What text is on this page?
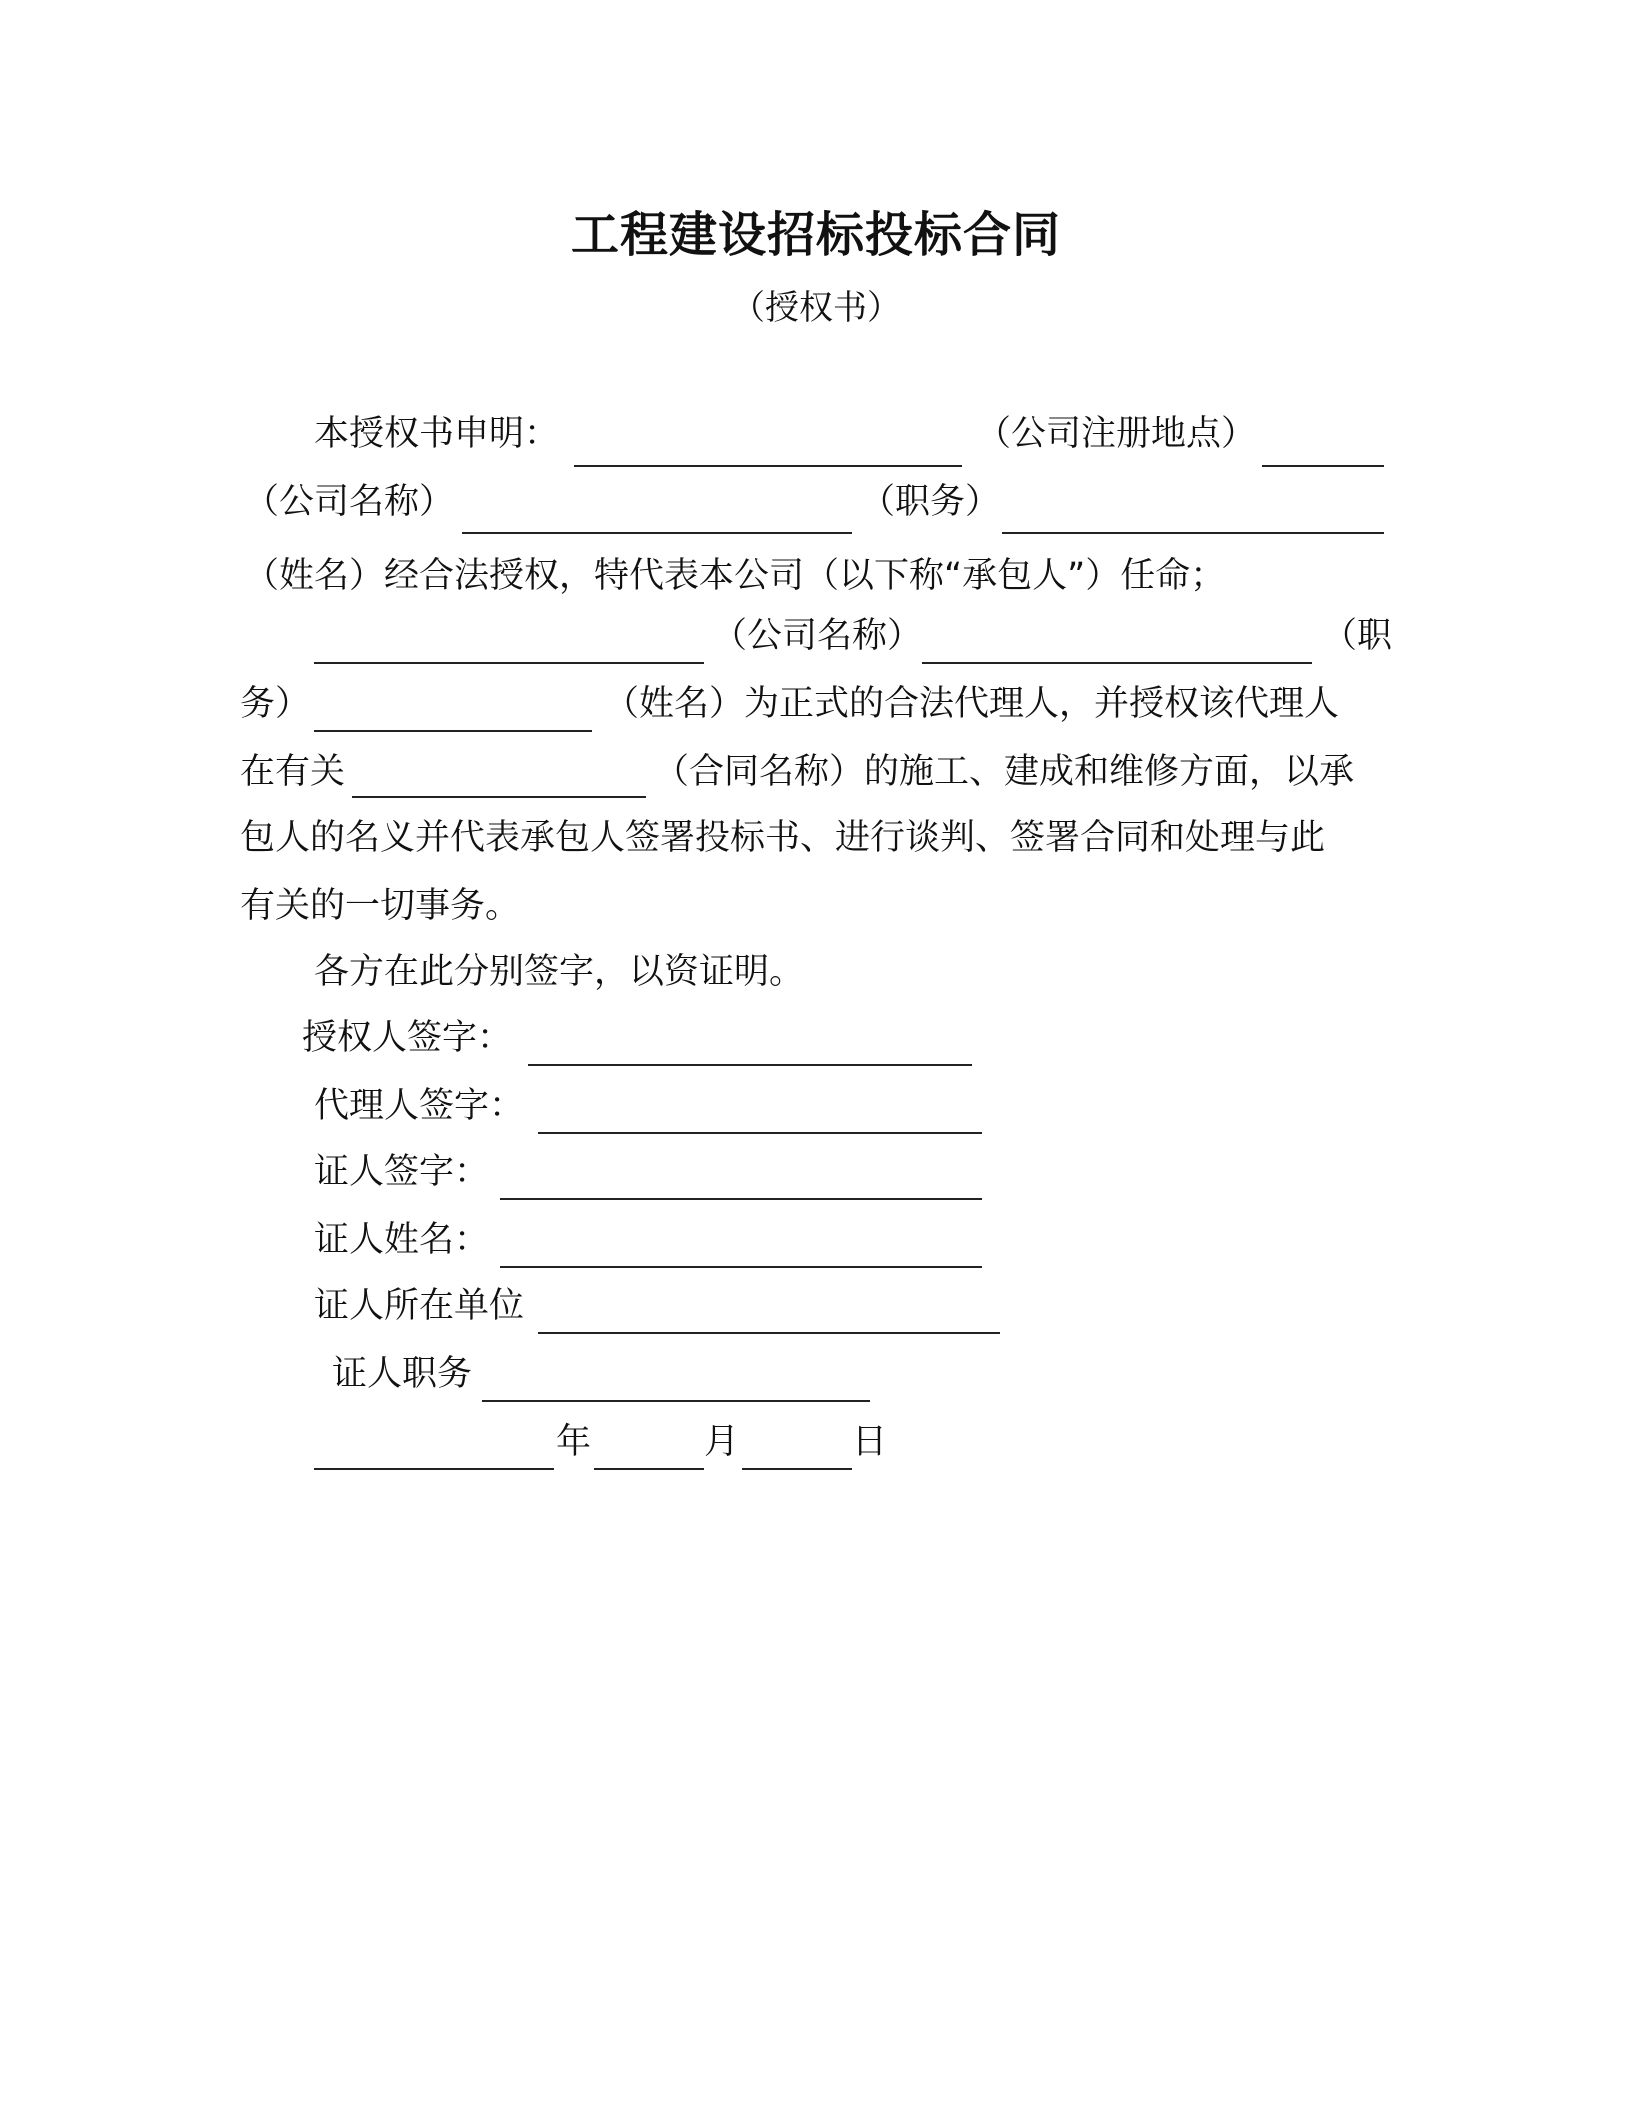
工程建设招标投标合同
（授权书）
本授权书申明：	（公司注册地点）
（公司名称）	（职务）
（姓名）经合法授权，特代表本公司（以下称“承包人”）任命；
（公司名称）	（职
务）	（姓名）为正式的合法代理人，并授权该代理人
在有关	（合同名称）的施工、建成和维修方面，以承
包人的名义并代表承包人签署投标书、进行谈判、签署合同和处理与此
有关的一切事务。
各方在此分别签字，以资证明。
授权人签字：
代理人签字：
证人签字：
证人姓名：
证人所在单位
证人职务
年	月	日
